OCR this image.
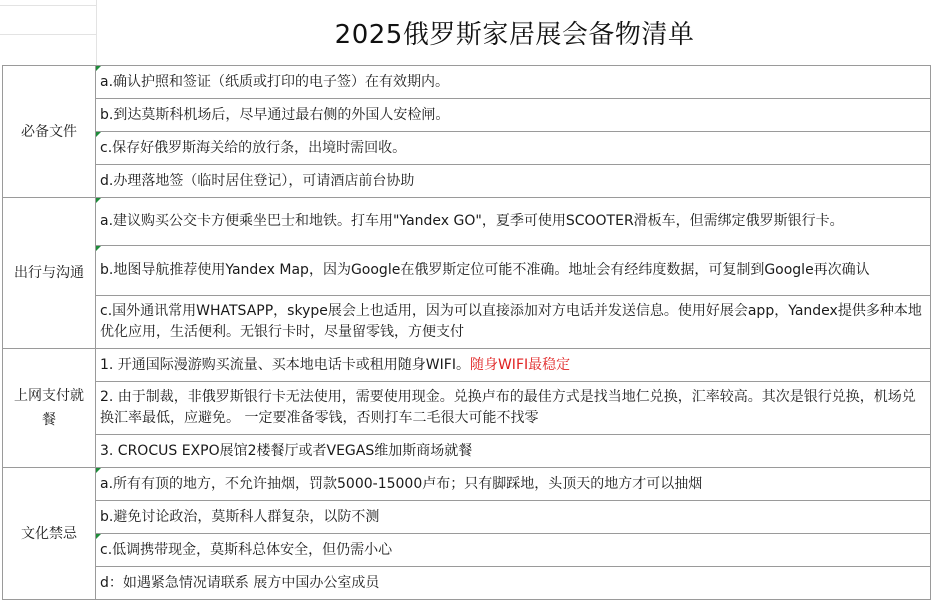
2025俄罗斯家居展会备物清单
必备文件	a.确认护照和签证（纸质或打印的电子签）在有效期内。
	b.到达莫斯科机场后，尽早通过最右侧的外国人安检闸。

c.保存好俄罗斯海关给的放行条，出境时需回收。
	d.办理落地签（临时居住登记），可请酒店前台协助
出行与沟通	a.建议购买公交卡方便乘坐巴士和地铁。打车用"Yandex GO"，夏季可使用SCOOTER滑板车，但需绑定俄罗斯银行卡。

b.地图导航推荐使用Yandex Map，因为Google在俄罗斯定位可能不准确。地址会有经纬度数据，可复制到Google再次确认
	c.国外通讯常用WHATSAPP，skype展会上也适用，因为可以直接添加对方电话并发送信息。使用好展会app，Yandex提供多种本地优化应用，生活便利。无银行卡时，尽量留零钱，方便支付
上网支付就餐	1. 开通国际漫游购买流量、买本地电话卡或租用随身WIFI。随身WIFI最稳定
	2. 由于制裁，非俄罗斯银行卡无法使用，需要使用现金。兑换卢布的最佳方式是找当地仁兑换，汇率较高。其次是银行兑换，机场兑换汇率最低，应避免。 一定要准备零钱，否则打车二毛很大可能不找零
	3. CROCUS EXPO展馆2楼餐厅或者VEGAS维加斯商场就餐
文化禁忌	a.所有有顶的地方，不允许抽烟，罚款5000-15000卢布；只有脚踩地，头顶天的地方才可以抽烟
	b.避免讨论政治，莫斯科人群复杂，以防不测

c.低调携带现金，莫斯科总体安全，但仍需小心
	d：如遇紧急情况请联系 展方中国办公室成员
